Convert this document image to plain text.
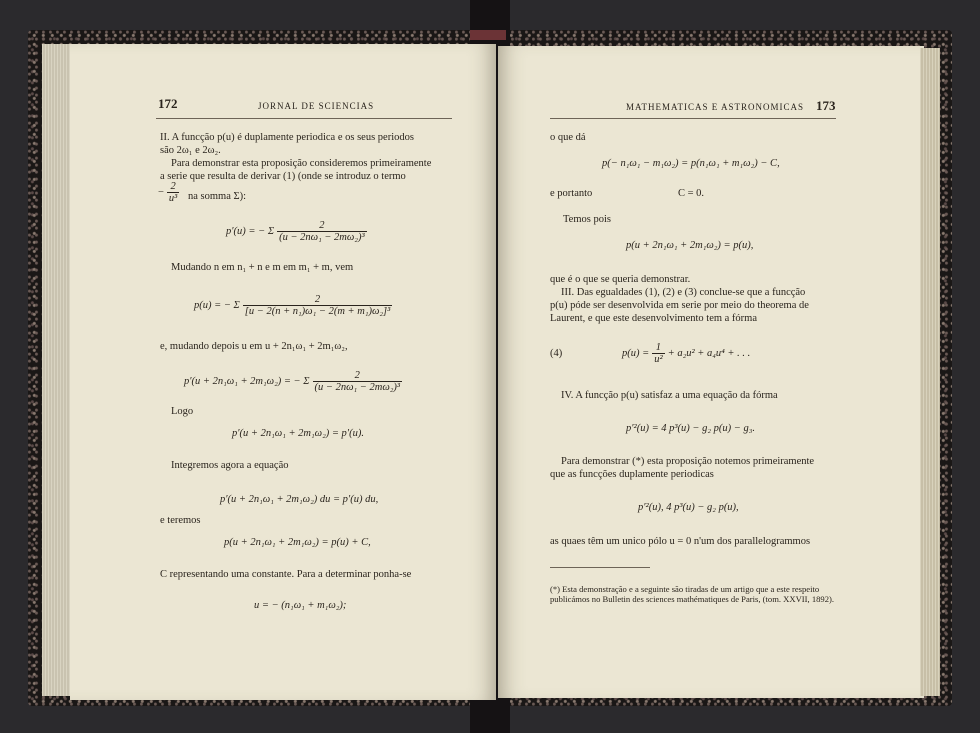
172	JORNAL DE SCIENCIAS
II. A funcção p(u) é duplamente periodica e os seus periodos
são 2ω₁ e 2ω₂.
Para demonstrar esta proposição consideremos primeiramente
a serie que resulta de derivar (1) (onde se introduz o termo
− $\frac{2}{\text{u³}}$ na somma Σ):
p′(u) = − Σ $\frac{2}{\text{(u − 2nω₁ − 2mω₂)³}}$
Mudando n em n₁ + n e m em m₁ + m, vem
p(u) = − Σ $\frac{2}{\text{[u − 2(n + n₁)ω₁ − 2(m + m₁)ω₂]³}}$
e, mudando depois u em u + 2n₁ω₁ + 2m₁ω₂,
p′(u + 2n₁ω₁ + 2m₁ω₂) = − Σ $\frac{2}{\text{(u − 2nω₁ − 2mω₂)³}}$
Logo
p′(u + 2n₁ω₁ + 2m₁ω₂) = p′(u).
Integremos agora a equação
p′(u + 2n₁ω₁ + 2m₁ω₂) du = p′(u) du,
e teremos
p(u + 2n₁ω₁ + 2m₁ω₂) = p(u) + C,
C representando uma constante. Para a determinar ponha-se
u = − (n₁ω₁ + m₁ω₂);
MATHEMATICAS E ASTRONOMICAS 173
o que dá
p(− n₁ω₁ − m₁ω₂) = p(n₁ω₁ + m₁ω₂) − C,
e portanto	C = 0.
Temos pois
p(u + 2n₁ω₁ + 2m₁ω₂) = p(u),
que é o que se queria demonstrar.
III. Das egualdades (1), (2) e (3) conclue-se que a funcção
p(u) póde ser desenvolvida em serie por meio do theorema de
Laurent, e que este desenvolvimento tem a fórma
(4)	$p(u) = \frac{1}{\text{u²}} + a_2u^2 + a_4u^4$ + . . .
IV. A funcção p(u) satisfaz a uma equação da fórma
p′²(u) = 4 p³(u) − g₂ p(u) − g₃.
Para demonstrar (*) esta proposição notemos primeiramente
que as funcções duplamente periodicas
p′²(u), 4 p³(u) − g₂ p(u),
as quaes têm um unico pólo u = 0 n'um dos parallelogrammos
(*) Esta demonstração e a seguinte são tiradas de um artigo que a este respeito publicámos no Bulletin des sciences mathématiques de Paris, (tom. XXVII, 1892).
